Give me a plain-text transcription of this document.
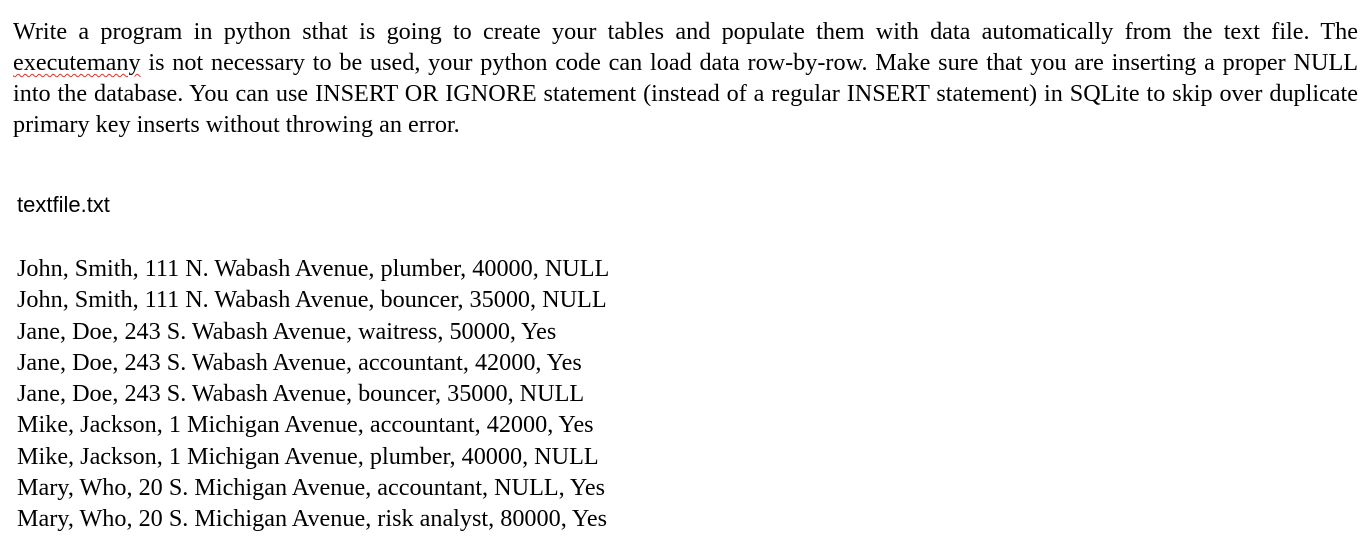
Write a program in python sthat is going to create your tables and populate them with data automatically from the text file. The executemany is not necessary to be used, your python code can load data row-by-row. Make sure that you are inserting a proper NULL into the database. You can use INSERT OR IGNORE statement (instead of a regular INSERT statement) in SQLite to skip over duplicate primary key inserts without throwing an error.

textfile.txt

John, Smith, 111 N. Wabash Avenue, plumber, 40000, NULL
John, Smith, 111 N. Wabash Avenue, bouncer, 35000, NULL
Jane, Doe, 243 S. Wabash Avenue, waitress, 50000, Yes
Jane, Doe, 243 S. Wabash Avenue, accountant, 42000, Yes
Jane, Doe, 243 S. Wabash Avenue, bouncer, 35000, NULL
Mike, Jackson, 1 Michigan Avenue, accountant, 42000, Yes
Mike, Jackson, 1 Michigan Avenue, plumber, 40000, NULL
Mary, Who, 20 S. Michigan Avenue, accountant, NULL, Yes
Mary, Who, 20 S. Michigan Avenue, risk analyst, 80000, Yes
